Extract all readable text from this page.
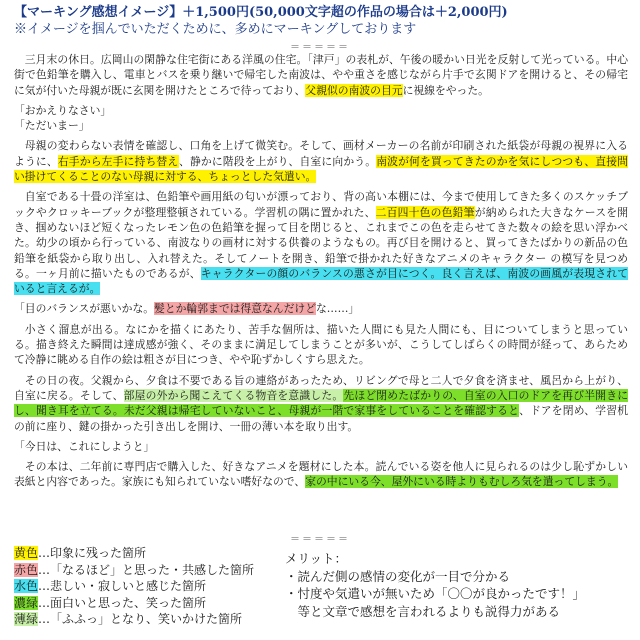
【マーキング感想イメージ】＋1,500円(50,000文字超の作品の場合は＋2,000円)
※イメージを掴んでいただくために、多めにマーキングしております
＝＝＝＝＝

三月末の休日。広岡山の閑静な住宅街にある洋風の住宅。「津戸」の表札が、午後の暖かい日光を反射して光っている。中心街で色鉛筆を購入し、電車とバスを乗り継いで帰宅した南波は、やや重さを感じながら片手で玄関ドアを開けると、その帰宅に気が付いた母親が既に玄関を開けたところで待っており、父親似の南波の目元に視線をやった。

「おかえりなさい」

「ただいまー」

母親の変わらない表情を確認し、口角を上げて微笑む。そして、画材メーカーの名前が印刷された紙袋が母親の視界に入るように、右手から左手に持ち替え、静かに階段を上がり、自室に向かう。南波が何を買ってきたのかを気にしつつも、直接問い掛けてくることのない母親に対する、ちょっとした気遣い。

自室である十畳の洋室は、色鉛筆や画用紙の匂いが漂っており、背の高い本棚には、今まで使用してきた多くのスケッチブックやクロッキーブックが整理整頓されている。学習机の隅に置かれた、二百四十色の色鉛筆が納められた大きなケースを開き、掴めないほど短くなったレモン色の色鉛筆を握って目を閉じると、これまでこの色を走らせてきた数々の絵を思い浮かべた。幼少の頃から行っている、南波なりの画材に対する供養のようなもの。再び目を開けると、買ってきたばかりの新品の色鉛筆を紙袋から取り出し、入れ替えた。そしてノートを開き、鉛筆で掛かれた好きなアニメのキャラクター の模写を見つめる。一ヶ月前に描いたものであるが、キャラクターの顔のバランスの悪さが目につく。良く言えば、南波の画風が表現されていると言えるが。

「目のバランスが悪いかな。髪とか輪郭までは得意なんだけどな……」

小さく溜息が出る。なにかを描くにあたり、苦手な個所は、描いた人間にも見た人間にも、目についてしまうと思っている。描き終えた瞬間は達成感が強く、そのままに満足してしまうことが多いが、こうしてしばらくの時間が経って、あらためて冷静に眺める自作の絵は粗さが目につき、やや恥ずかしくすら思えた。

その日の夜。父親から、夕食は不要である旨の連絡があったため、リビングで母と二人で夕食を済ませ、風呂から上がり、自室に戻る。そして、部屋の外から聞こえてくる物音を意識した。先ほど閉めたばかりの、自室の入口のドアを再び半開きにし、聞き耳を立てる。未だ父親は帰宅していないこと、母親が一階で家事をしていることを確認すると、ドアを閉め、学習机の前に座り、鍵の掛かった引き出しを開け、一冊の薄い本を取り出す。

「今日は、これにしようと」

その本は、二年前に専門店で購入した、好きなアニメを題材にした本。読んでいる姿を他人に見られるのは少し恥ずかしい表紙と内容であった。家族にも知られていない嗜好なので、家の中にいる今、屋外にいる時よりもむしろ気を遣ってしまう。

＝＝＝＝＝
黄色…印象に残った箇所
赤色…「なるほど」と思った・共感した箇所
水色…悲しい・寂しいと感じた箇所
濃緑…面白いと思った、笑った箇所
薄緑…「ふふっ」となり、笑いかけた箇所
メリット：
・読んだ側の感情の変化が一目で分かる
・忖度や気遣いが無いため「〇〇が良かったです！」
　等と文章で感想を言われるよりも説得力がある
